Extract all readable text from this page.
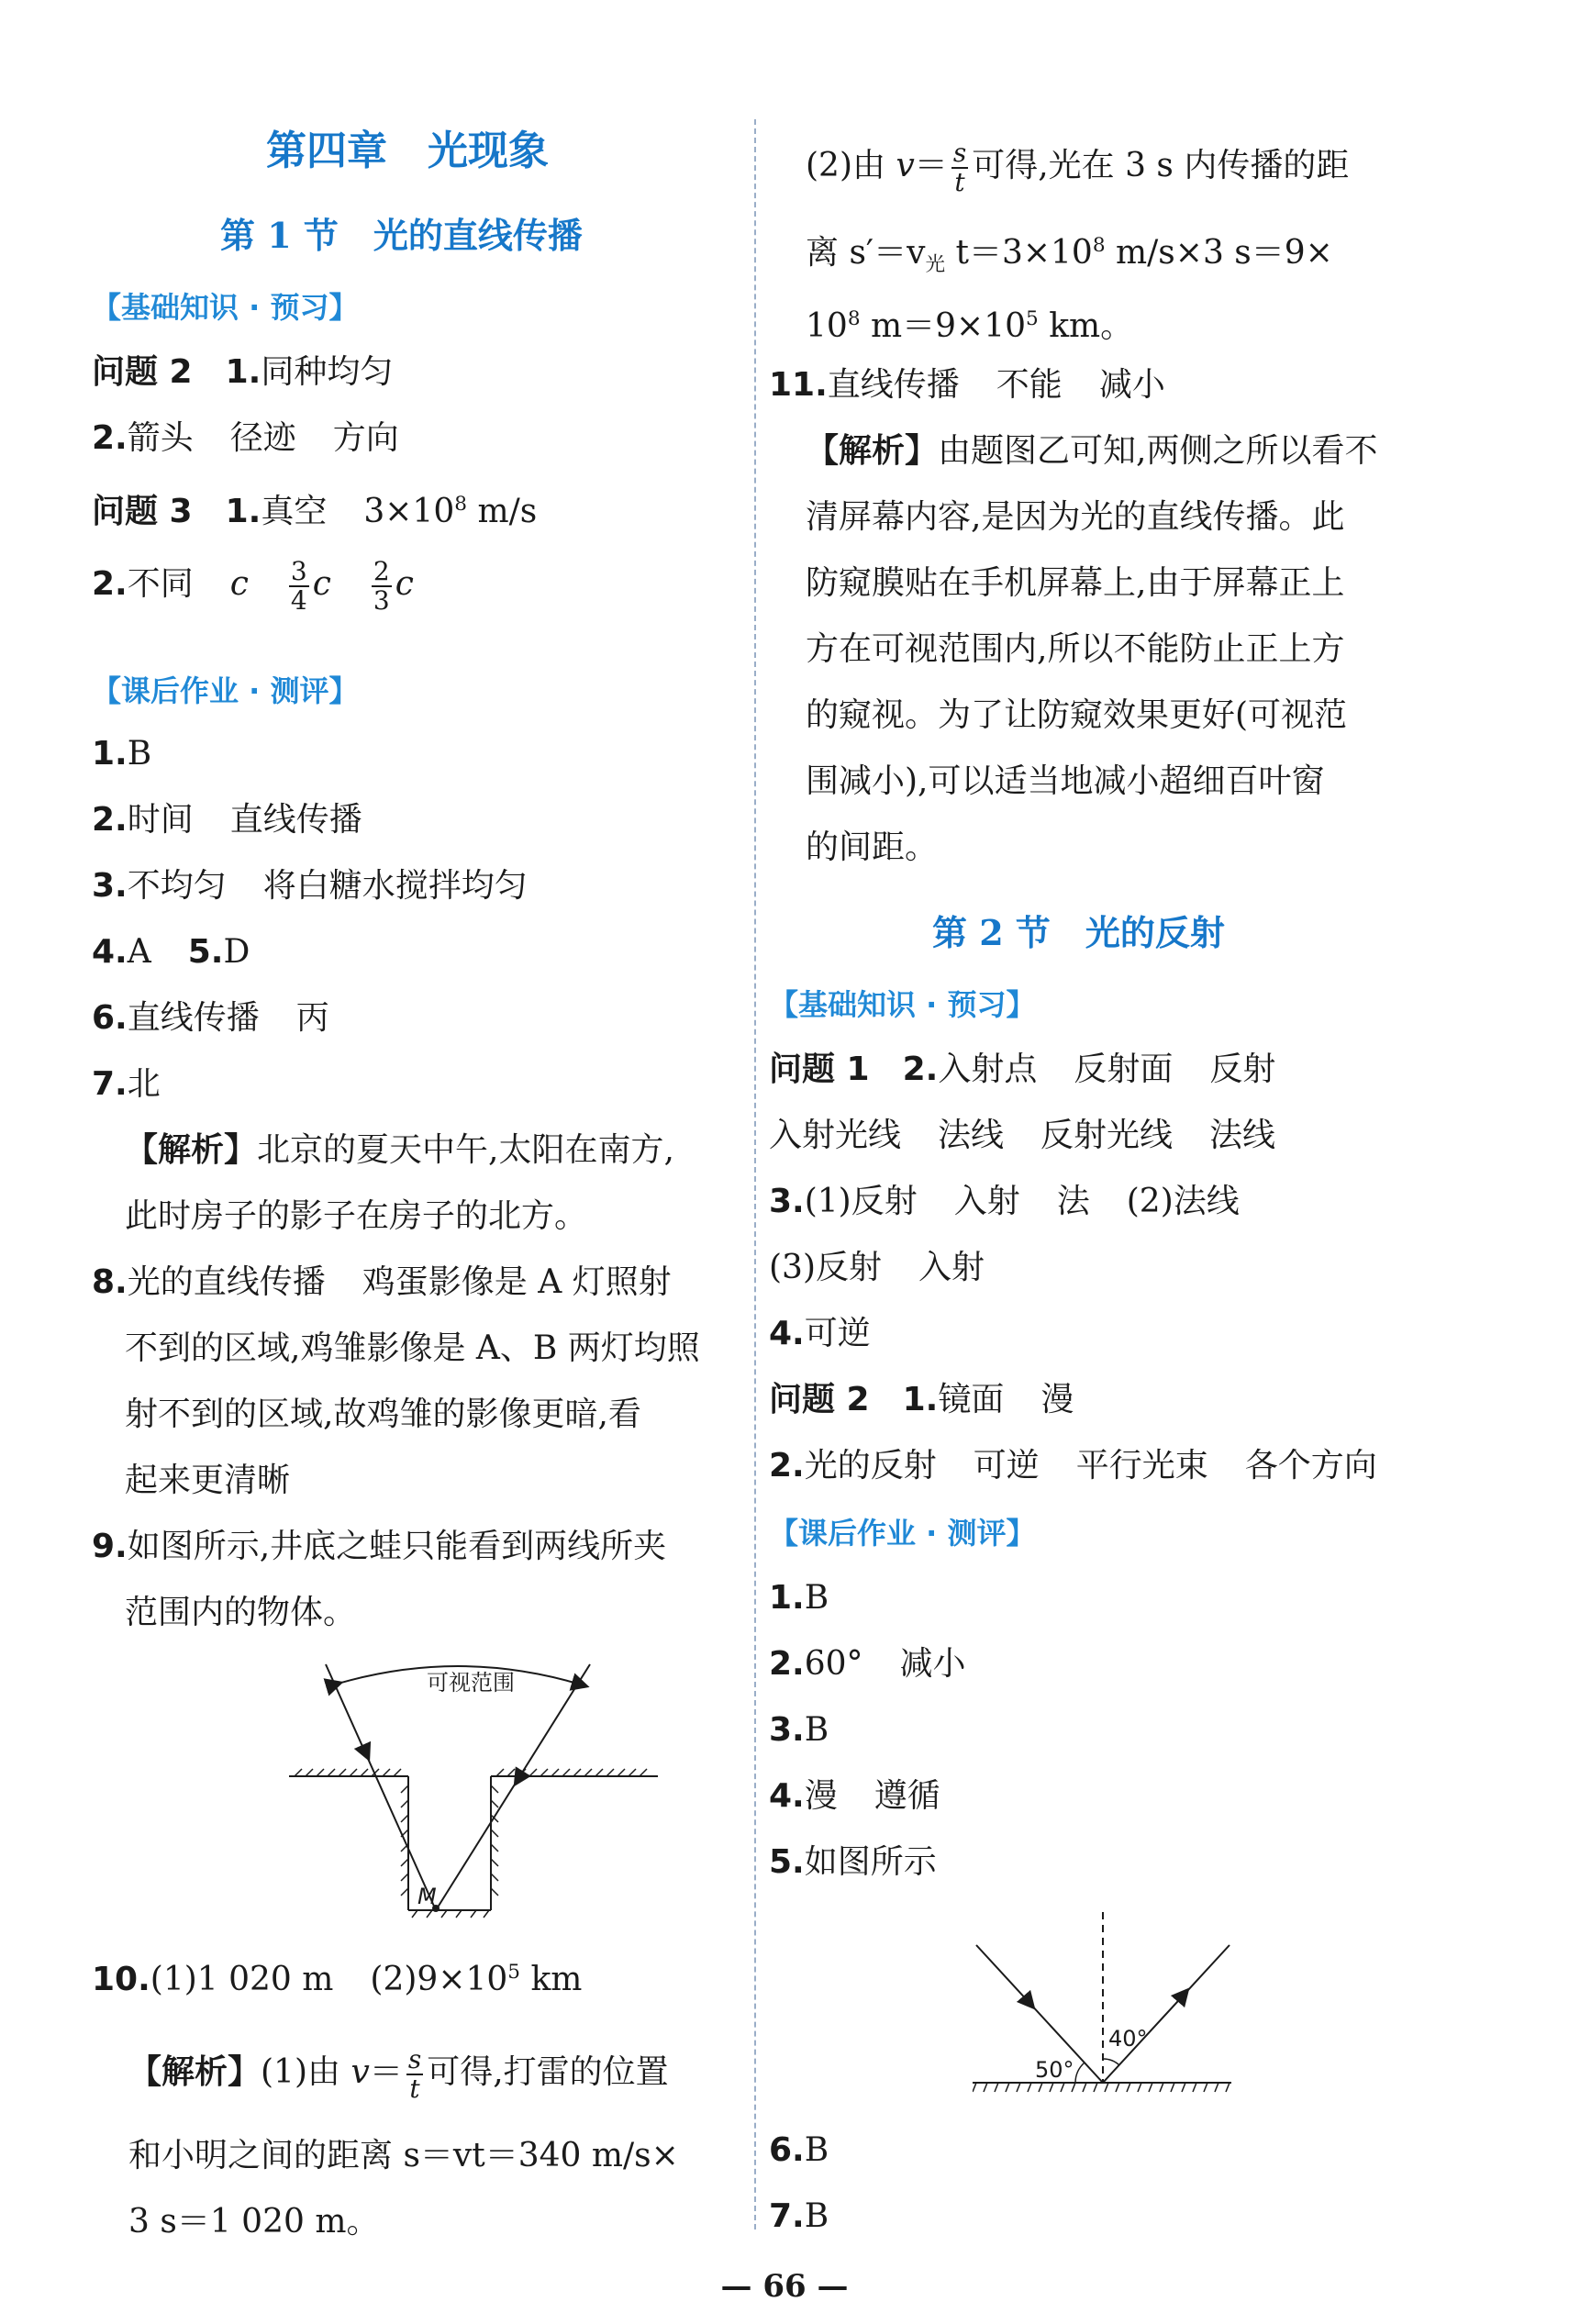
第四章　光现象
第 1 节　光的直线传播
【基础知识 · 预习】
问题 2　 1.同种均匀
2.箭头 径迹 方向
问题 3　 1.真空 $3\times 10^8$ m/s
2.不同 c $\frac{3}{4}$ c $\frac{2}{3}$ c
【课后作业 · 测评】
1.B
2.时间 直线传播
3.不均匀 将白糖水搅拌均匀
4.A 5.D
6.直线传播 丙
7.北
【解析】北京的夏天中午,太阳在南方,
此时房子的影子在房子的北方。
8.光的直线传播 鸡蛋影像是 A 灯照射
不到的区域,鸡雏影像是 A、B 两灯均照
射不到的区域,故鸡雏的影像更暗,看
起来更清晰
9.如图所示,井底之蛙只能看到两线所夹
范围内的物体。
可视范围
M
10.(1)1 020 m $(2)9\times 10^5$ km
【解析】(1)由 $v= \frac{s}{t}$ 可得,打雷的位置
和小明之间的距离 s＝vt＝340 m/s×
3 s＝1 020 m。
(2)由 $v= \frac{s}{t}$ 可得,光在 3 s 内传播的距
离 $s'=v_光$ $t=3\times 10^8$ m/s×3 s＝9×
$10^8$ $m=9\times 10^5$ km。
11.直线传播 不能 减小
【解析】由题图乙可知,两侧之所以看不
清屏幕内容,是因为光的直线传播。此
防窥膜贴在手机屏幕上,由于屏幕正上
方在可视范围内,所以不能防止正上方
的窥视。为了让防窥效果更好(可视范
围减小),可以适当地减小超细百叶窗
的间距。
第 2 节　光的反射
【基础知识 · 预习】
问题 1　 2.入射点 反射面 反射
入射光线 法线 反射光线 法线
3.(1)反射 入射 法 (2)法线
(3)反射 入射
4.可逆
问题 2　 1.镜面 漫
2.光的反射 可逆 平行光束 各个方向
【课后作业 · 测评】
1.B
2.60° 减小
3.B
4.漫 遵循
5.如图所示
50°
40°
6.B
7.B
— 66 —
